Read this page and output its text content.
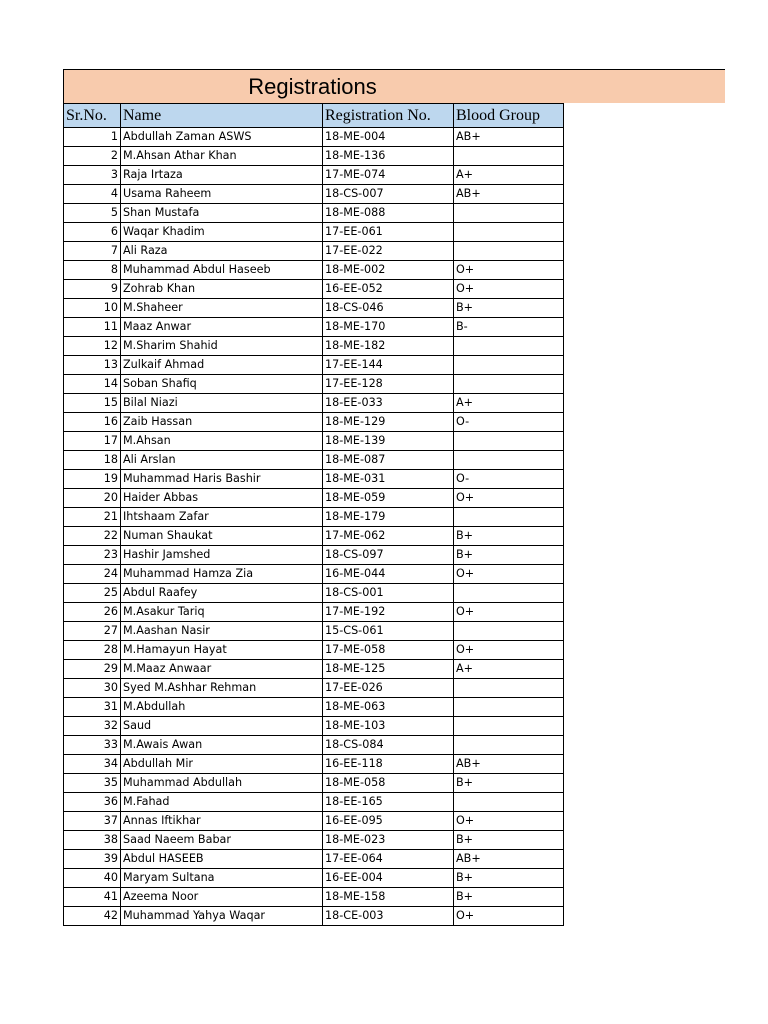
Registrations
Sr.No.	Name	Registration No.	Blood Group
1	Abdullah Zaman ASWS	18-ME-004	AB+
2	M.Ahsan Athar Khan	18-ME-136	
3	Raja Irtaza	17-ME-074	A+
4	Usama Raheem	18-CS-007	AB+
5	Shan Mustafa	18-ME-088	
6	Waqar Khadim	17-EE-061	
7	Ali Raza	17-EE-022	
8	Muhammad Abdul Haseeb	18-ME-002	O+
9	Zohrab Khan	16-EE-052	O+
10	M.Shaheer	18-CS-046	B+
11	Maaz Anwar	18-ME-170	B-
12	M.Sharim Shahid	18-ME-182	
13	Zulkaif Ahmad	17-EE-144	
14	Soban Shafiq	17-EE-128	
15	Bilal Niazi	18-EE-033	A+
16	Zaib Hassan	18-ME-129	O-
17	M.Ahsan	18-ME-139	
18	Ali Arslan	18-ME-087	
19	Muhammad Haris Bashir	18-ME-031	O-
20	Haider Abbas	18-ME-059	O+
21	Ihtshaam Zafar	18-ME-179	
22	Numan Shaukat	17-ME-062	B+
23	Hashir Jamshed	18-CS-097	B+
24	Muhammad Hamza Zia	16-ME-044	O+
25	Abdul Raafey	18-CS-001	
26	M.Asakur Tariq	17-ME-192	O+
27	M.Aashan Nasir	15-CS-061	
28	M.Hamayun Hayat	17-ME-058	O+
29	M.Maaz Anwaar	18-ME-125	A+
30	Syed M.Ashhar Rehman	17-EE-026	
31	M.Abdullah	18-ME-063	
32	Saud	18-ME-103	
33	M.Awais Awan	18-CS-084	
34	Abdullah Mir	16-EE-118	AB+
35	Muhammad Abdullah	18-ME-058	B+
36	M.Fahad	18-EE-165	
37	Annas Iftikhar	16-EE-095	O+
38	Saad Naeem Babar	18-ME-023	B+
39	Abdul HASEEB	17-EE-064	AB+
40	Maryam Sultana	16-EE-004	B+
41	Azeema Noor	18-ME-158	B+
42	Muhammad Yahya Waqar	18-CE-003	O+
